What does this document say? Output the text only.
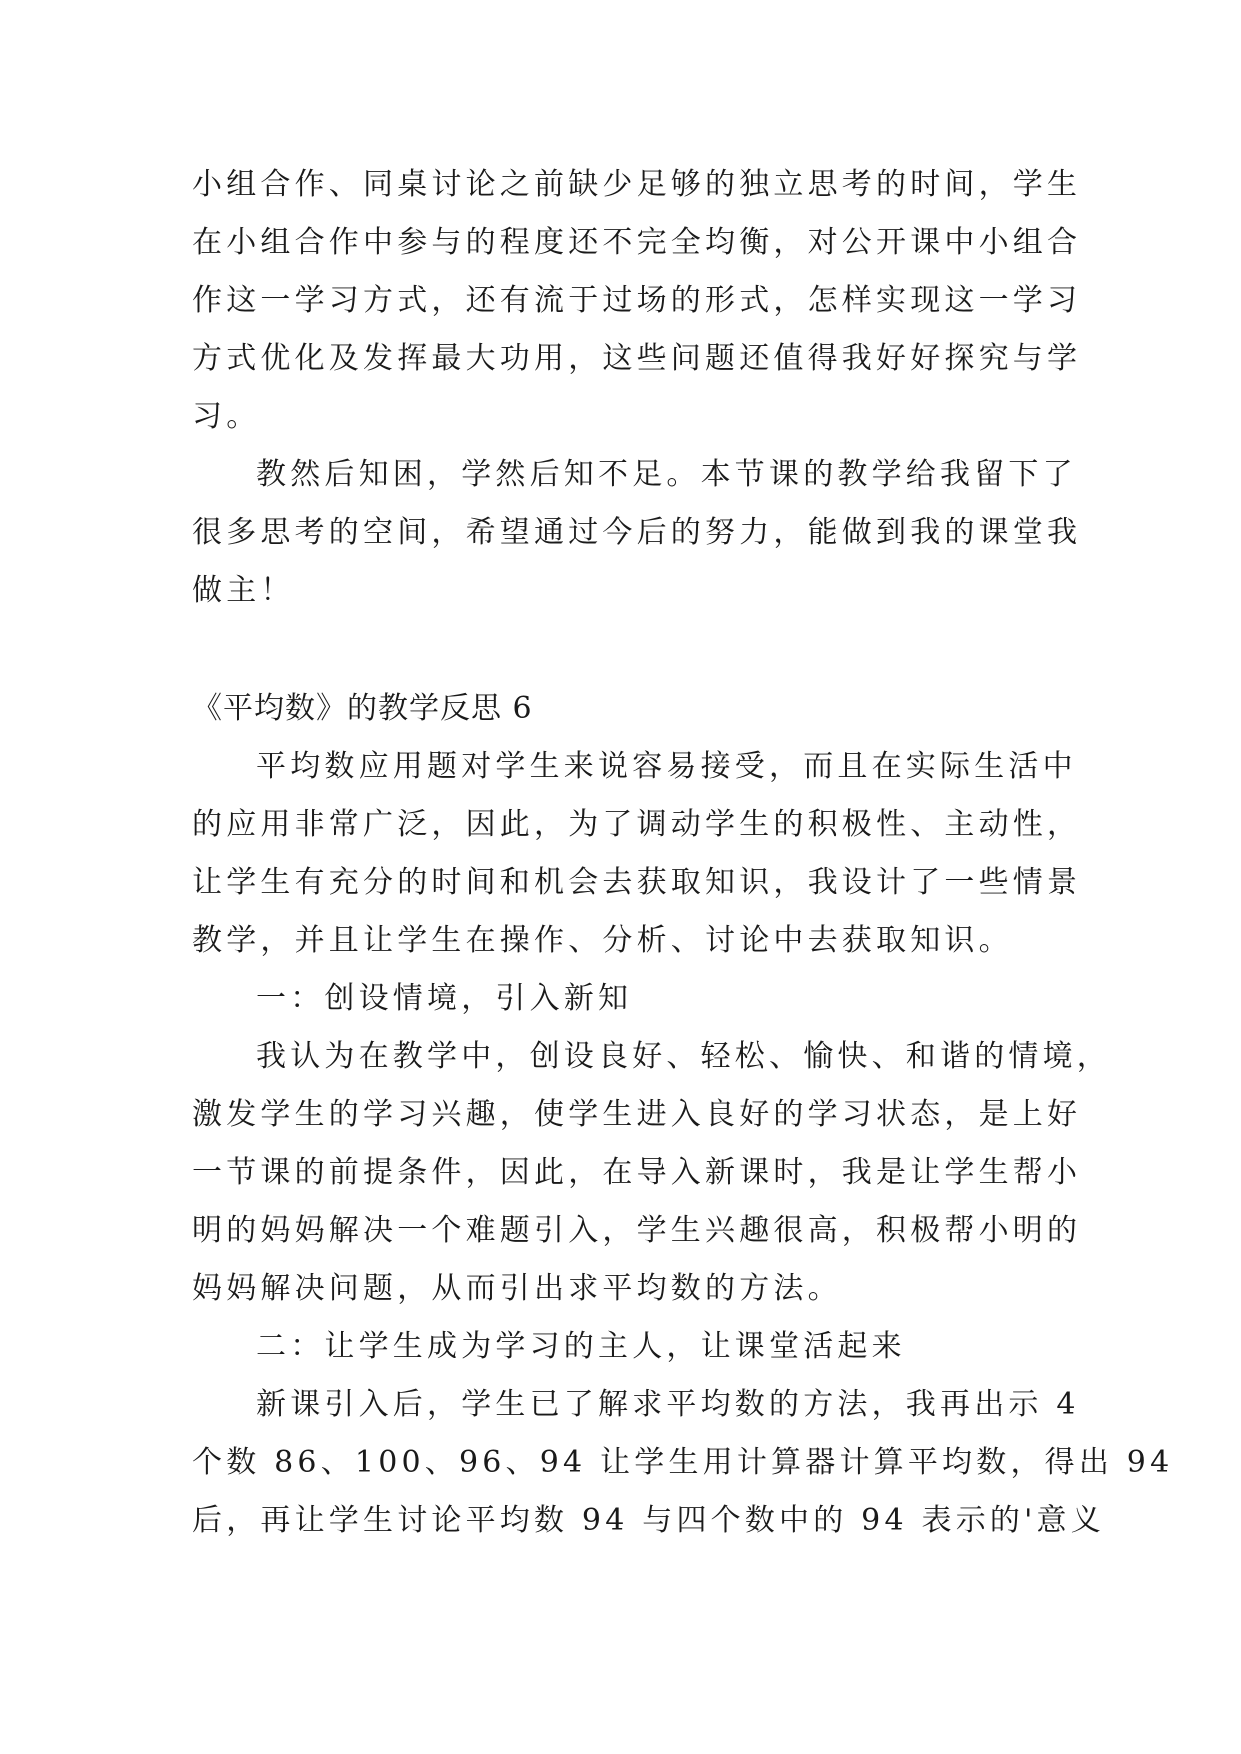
小组合作、同桌讨论之前缺少足够的独立思考的时间，学生
在小组合作中参与的程度还不完全均衡，对公开课中小组合
作这一学习方式，还有流于过场的形式，怎样实现这一学习
方式优化及发挥最大功用，这些问题还值得我好好探究与学
习。
教然后知困，学然后知不足。本节课的教学给我留下了
很多思考的空间，希望通过今后的努力，能做到我的课堂我
做主！
《平均数》的教学反思 6
平均数应用题对学生来说容易接受，而且在实际生活中
的应用非常广泛，因此，为了调动学生的积极性、主动性，
让学生有充分的时间和机会去获取知识，我设计了一些情景
教学，并且让学生在操作、分析、讨论中去获取知识。
一：创设情境，引入新知
我认为在教学中，创设良好、轻松、愉快、和谐的情境，
激发学生的学习兴趣，使学生进入良好的学习状态，是上好
一节课的前提条件，因此，在导入新课时，我是让学生帮小
明的妈妈解决一个难题引入，学生兴趣很高，积极帮小明的
妈妈解决问题，从而引出求平均数的方法。
二：让学生成为学习的主人，让课堂活起来
新课引入后，学生已了解求平均数的方法，我再出示 4
个数 86、100、96、94 让学生用计算器计算平均数，得出 94
后，再让学生讨论平均数 94 与四个数中的 94 表示的'意义
